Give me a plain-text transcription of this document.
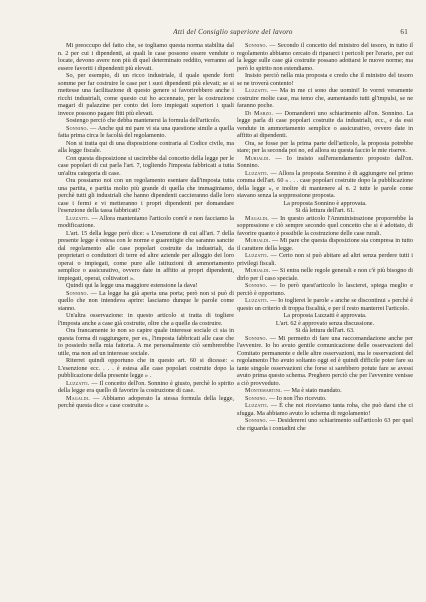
Atti del Consiglio superiore del lavoro	61

Mi preoccupo del fatto che, se togliamo questa norma stabilita dal n. 2 per cui i dipendenti, ai quali le case possono essere vendute o locate, devono avere non più di quel determinato reddito, verranno ad essere favoriti i dipendenti più elevati.

So, per esempio, di un ricco industriale, il quale spende forti somme per far costruire le case per i suoi dipendenti più elevati; se si mettesse una facilitazione di questo genere si favorirebbero anche i ricchi industriali, come questo cui ho accennato, per la costruzione magari di palazzine per conto dei loro impiegati superiori i quali invece possono pagare fitti più elevati.

Sostengo perciò che debba mantenersi la formula dell'articolo.

Sonnino. — Anche qui mi pare vi sia una questione simile a quella fatta prima circa le facoltà del regolamento.

Non si tratta qui di una disposizione contraria al Codice civile, ma alla legge fiscale.

Con questa disposizione si uscirebbe dal concetto della legge per le case popolari di cui parla l'art. 7, togliendo l'imposta fabbricati a tutta un'altra categoria di case.

Ora possiamo noi con un regolamento esentare dall'imposta tutta una partita, e partita molto più grande di quella che immaginiamo, perchè tutti gli industriali che hanno dipendenti caccieranno dalle loro case i fermi e vi metteranno i propri dipendenti per domandare l'esenzione della tassa fabbricati?

Luzzatti. — Allora manteniamo l'articolo com'è e non facciamo la modificazione.

L'art. 15 della legge però dice: « L'esenzione di cui all'art. 7 della presente legge è estesa con le norme e guarentigie che saranno sancite dal regolamento alle case popolari costruite da industriali, da proprietari o conduttori di terre ed altre aziende per alloggio dei loro operai o impiegati, come pure alle istituzioni di ammortamento semplice o assicurativo, ovvero date in affitto ai propri dipendenti, impiegati, operai, coltivatori ».

Quindi qui la legge una maggiore estensione la dava!

Sonnino. — La legge ha già aperta una porta; però non si può di quello che non intendeva aprire: lasciamo dunque le parole come stanno.

Un'altra osservazione: in questo articolo si tratta di togliere l'imposta anche a case già costruite, oltre che a quelle da costruire.

Ora francamente io non so capire quale interesse sociale ci sia in questa forma di raggiungere, per es., l'imposta fabbricati alle case che io possiedo nella mia fattoria. A me personalmente ciò sembrerebbe utile, ma non ad un interesse sociale.

Riterrei quindi opportuno che in questo art. 60 si dicesse: « L'esenzione ecc. . . . è estesa alle case popolari costruite dopo la pubblicazione della presente legge » .

Luzzatti. — Il concetto dell'on. Sonnino è giusto, perchè lo spirito della legge era quello di favorire la costruzione di case.

Magaldi. — Abbiamo adoperato la stessa formula della legge, perchè questa dice « case costruite ».

Sonnino. — Secondo il concetto del ministro del tesoro, in tutto il regolamento abbiamo cercato di ripararci i pericoli per l'erario, per cui la legge sulle case già costruite possano adottarsi le nuove norme; ma però lo spirito non estendiamo.

Insisto perciò nella mia proposta e credo che il ministro del tesoro se ne troverà contento!

Luzzatti. — Ma in me ci sono due uomini! Io vorrei veramente costruire molte case, ma temo che, aumentando tutti gl'impulsi, se ne faranno poche.

Di Marzo. — Domanderei uno schiarimento all'on. Sonnino. La legge parla di case popolari costruite da industriali, ecc., e da essi vendute in ammortamento semplice o assicurativo, ovvero date in affitto ai dipendenti.

Ora, se fosse per la prima parte dell'articolo, la proposta potrebbe stare; per la seconda poi no, ed allora su questa faccio le mie riserve.

Murialdi. — Io insisto sull'emendamento proposto dall'on. Sonnino.

Luzzatti. — Allora la proposta Sonnino è di aggiungere nel primo comma dell'art. 60 « . . . case popolari costruite dopo la pubblicazione della legge », e inoltre di mantenere al n. 2 tutte le parole come stavano senza la soppressione proposta.

La proposta Sonnino è approvata.

Si dà lettura dell'art. 61.

Magaldi. — In questo articolo l'Amministrazione proporrebbe la soppressione e ciò sempre secondo quel concetto che si è adottato, di favorire quanto è possibile la costruzione delle case rurali.

Murialdi. — Mi pare che questa disposizione sia compresa in tutto il carattere della legge.

Luzzatti. — Certo non si può abitare ad altri senza perdere tutti i privilegi fiscali.

Murialdi. — Si entra nelle regole generali e non c'è più bisogno di dirlo per il caso speciale.

Sonnino. — Io però quest'articolo lo lascierei, spiega meglio e perciò è opportuno.

Luzzatti. — Io toglierei le parole « anche se discontinui » perchè è questo un criterio di troppa fiscalità, e per il resto manterrei l'articolo.

La proposta Luzzatti è approvata.

L'art. 62 è approvato senza discussione.

Si dà lettura dell'art. 63.

Sonnino. — Mi permetto di fare una raccomandazione anche per l'avvenire. Io ho avuto gentile comunicazione delle osservazioni del Comitato permanente e delle altre osservazioni, ma le osservazioni del regolamento l'ho avuto soltanto oggi ed è quindi difficile poter fare su tante singole osservazioni che forse si sarebbero potute fare se avessi avuto prima questo schema. Preghero perciò che per l'avvenire venisse a ciò provveduto.

Montemartini. — Ma è stato mandato.

Sonnino. — Io non l'ho ricevuto.

Luzzatti. — È che noi riceviamo tanta roba, che può darsi che ci sfugga. Ma abbiamo avuto lo schema di regolamento!

Sonnino. — Desidererei uno schiarimento sull'articolo 63 per quel che riguarda i contadini che
